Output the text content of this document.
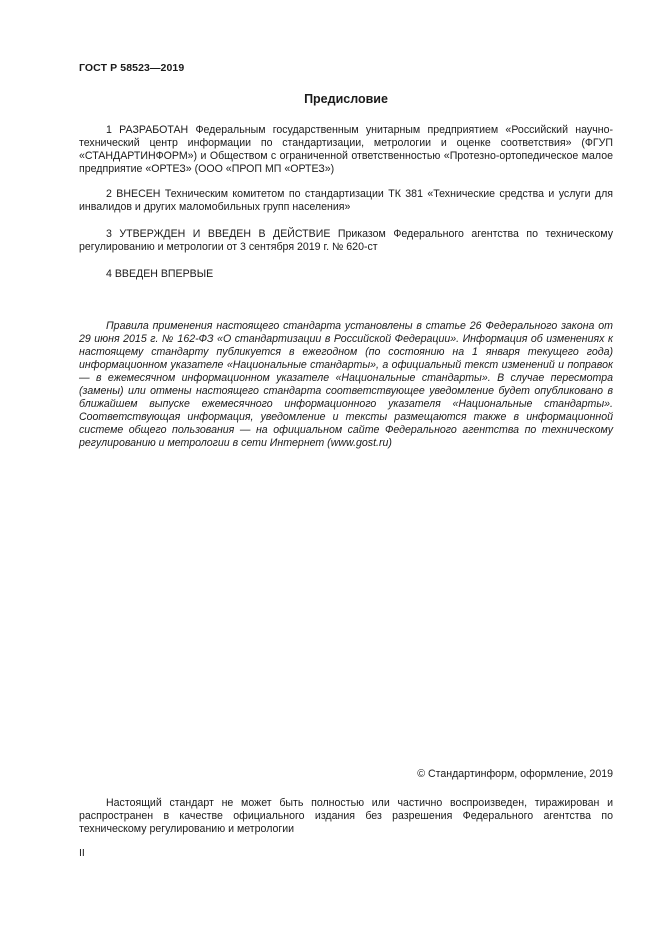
ГОСТ Р 58523—2019
Предисловие

1 РАЗРАБОТАН Федеральным государственным унитарным предприятием «Российский научно-технический центр информации по стандартизации, метрологии и оценке соответствия» (ФГУП «СТАНДАРТИНФОРМ») и Обществом с ограниченной ответственностью «Протезно-ортопедическое малое предприятие «ОРТЕЗ» (ООО «ПРОП МП «ОРТЕЗ»)

2 ВНЕСЕН Техническим комитетом по стандартизации ТК 381 «Технические средства и услуги для инвалидов и других маломобильных групп населения»

3 УТВЕРЖДЕН И ВВЕДЕН В ДЕЙСТВИЕ Приказом Федерального агентства по техническому регулированию и метрологии от 3 сентября 2019 г. № 620-ст

4 ВВЕДЕН ВПЕРВЫЕ

Правила применения настоящего стандарта установлены в статье 26 Федерального закона от 29 июня 2015 г. № 162-ФЗ «О стандартизации в Российской Федерации». Информация об изменениях к настоящему стандарту публикуется в ежегодном (по состоянию на 1 января текущего года) информационном указателе «Национальные стандарты», а официальный текст изменений и поправок — в ежемесячном информационном указателе «Национальные стандарты». В случае пересмотра (замены) или отмены настоящего стандарта соответствующее уведомление будет опубликовано в ближайшем выпуске ежемесячного информационного указателя «Национальные стандарты». Соответствующая информация, уведомление и тексты размещаются также в информационной системе общего пользования — на официальном сайте Федерального агентства по техническому регулированию и метрологии в сети Интернет (www.gost.ru)

© Стандартинформ, оформление, 2019

Настоящий стандарт не может быть полностью или частично воспроизведен, тиражирован и распространен в качестве официального издания без разрешения Федерального агентства по техническому регулированию и метрологии

II
